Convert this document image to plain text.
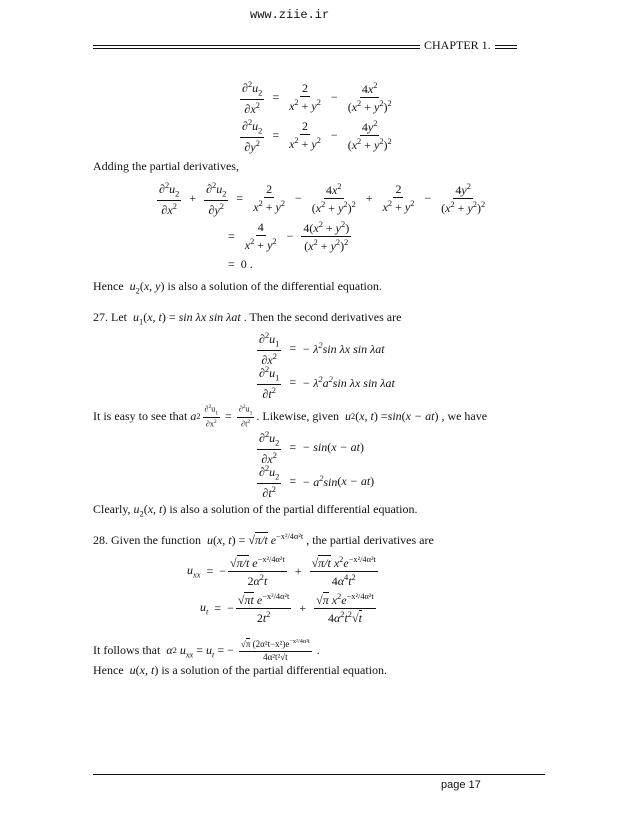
www.ziie.ir
CHAPTER 1.
$\frac{\partial^2u_2}{\partial x^2} = \frac{2}{x^2 + y^2} - \frac{4x^2}{(x^2 + y^2)^2}$
$\frac{\partial^2u_2}{\partial y^2} = \frac{2}{x^2 + y^2} - \frac{4y^2}{(x^2 + y^2)^2}$
Adding the partial derivatives,
$\frac{\partial^2u_2}{\partial x^2} + \frac{\partial^2u_2}{\partial y^2} = \frac{2}{x^2 + y^2} - \frac{4x^2}{(x^2 + y^2)^2} + \frac{2}{x^2 + y^2} - \frac{4y^2}{(x^2 + y^2)^2}$
= $\frac{4}{x^2 + y^2} - \frac{4(x^2 + y^2)}{(x^2 + y^2)^2}$
= 0 .
Hence $u_2(x$, y) is also a solution of the differential equation.
27. Let $u_1(x$, t) = sin λx sin λat . Then the second derivatives are
$\frac{\partial^2u_1}{\partial x^2}$ = − $\lambda^2\sin$ λx sin λat
$\frac{\partial^2u_1}{\partial t^2}$ = − $\lambda^2a^2\sin$ λx sin λat
It is easy to see that
a $2 \frac{\partial^2u_1}{\partial x^2} = \frac{\partial^2u_1}{\partial t^2}$ . Likewise, given
u 2 ( x, t ) = sin ( x − at ) , we have
$\frac{\partial^2u_2}{\partial x^2}$ = − sin ( x − at )
$\frac{\partial^2u_2}{\partial t^2}$ = − $a^2\sin$ ( x − at )
Clearly, $u_2(x$, t) is also a solution of the partial differential equation.
28. Given the function u(x, t) = √π/t $e^{-x^2/4\alpha^2t}$ , the partial derivatives are
$u_{xx}$ = − $\frac{√\pi/t e^{-x^2/4\alpha^2t}}{2\alpha^2t} + \frac{√\pi/t x^2e^{-x^2/4\alpha^2t}}{4\alpha^4t^2}$
$u_t$ = − $\frac{√\pi t e^{-x^2/4\alpha^2t}}{2t^2} + \frac{√\pi x^2e^{-x^2/4\alpha^2t}}{4\alpha^2t^2√t}$
It follows that
α 2
$u_{xx} = u_t$ = − $\frac{√\pi (2\alpha^2t-x^2)e^{-x^2/4\alpha^2t}}{\text{4α²t²√t}}$ .
Hence u(x, t) is a solution of the partial differential equation.
page 17
